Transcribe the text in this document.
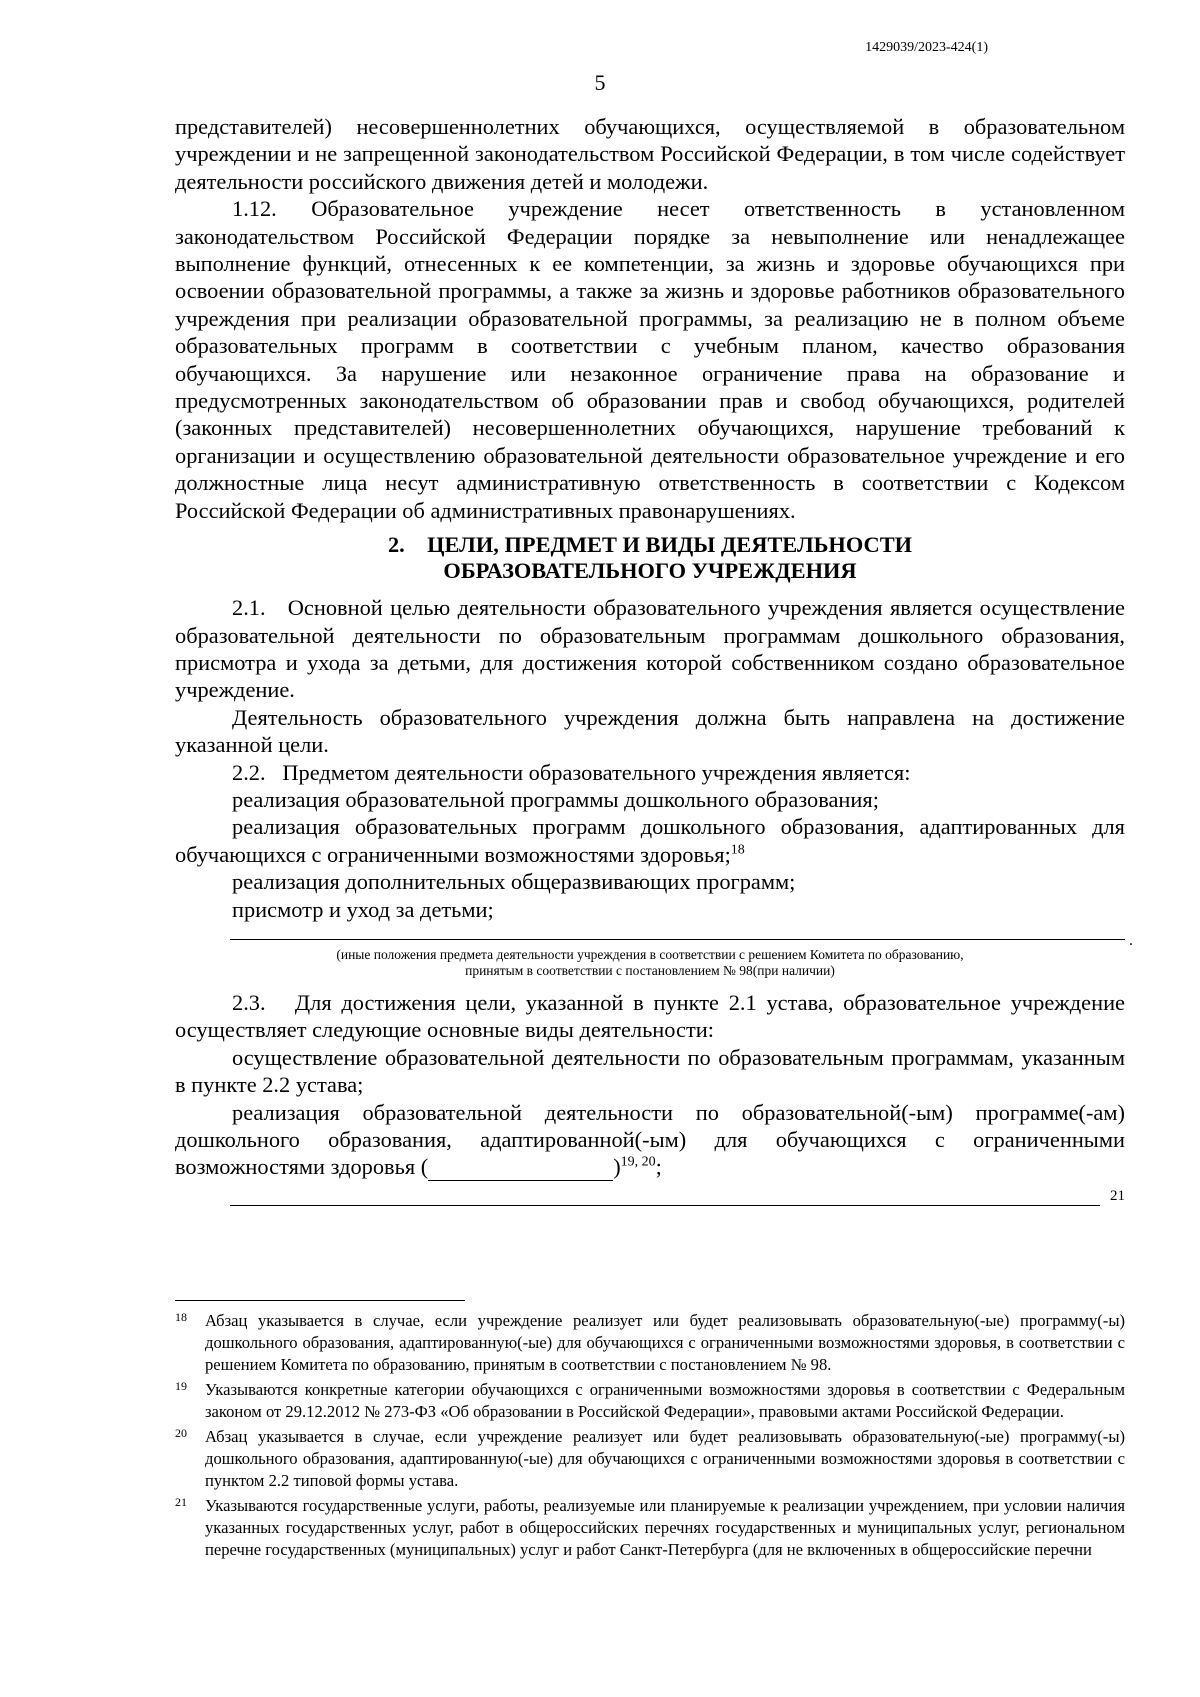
1429039/2023-424(1)
5

представителей) несовершеннолетних обучающихся, осуществляемой в образовательном учреждении и не запрещенной законодательством Российской Федерации, в том числе содействует деятельности российского движения детей и молодежи.

1.12. Образовательное учреждение несет ответственность в установленном законодательством Российской Федерации порядке за невыполнение или ненадлежащее выполнение функций, отнесенных к ее компетенции, за жизнь и здоровье обучающихся при освоении образовательной программы, а также за жизнь и здоровье работников образовательного учреждения при реализации образовательной программы, за реализацию не в полном объеме образовательных программ в соответствии с учебным планом, качество образования обучающихся. За нарушение или незаконное ограничение права на образование и предусмотренных законодательством об образовании прав и свобод обучающихся, родителей (законных представителей) несовершеннолетних обучающихся, нарушение требований к организации и осуществлению образовательной деятельности образовательное учреждение и его должностные лица несут административную ответственность в соответствии с Кодексом Российской Федерации об административных правонарушениях.

2.    ЦЕЛИ, ПРЕДМЕТ И ВИДЫ ДЕЯТЕЛЬНОСТИ
ОБРАЗОВАТЕЛЬНОГО УЧРЕЖДЕНИЯ

2.1.   Основной целью деятельности образовательного учреждения является осуществление образовательной деятельности по образовательным программам дошкольного образования, присмотра и ухода за детьми, для достижения которой собственником создано образовательное учреждение.

Деятельность образовательного учреждения должна быть направлена на достижение указанной цели.

2.2.   Предметом деятельности образовательного учреждения является:

реализация образовательной программы дошкольного образования;

реализация образовательных программ дошкольного образования, адаптированных для обучающихся с ограниченными возможностями здоровья;$^{18}$

реализация дополнительных общеразвивающих программ;

присмотр и уход за детьми;

.

(иные положения предмета деятельности учреждения в соответствии с решением Комитета по образованию,
принятым в соответствии с постановлением № 98(при наличии)

2.3.   Для достижения цели, указанной в пункте 2.1 устава, образовательное учреждение осуществляет следующие основные виды деятельности:

осуществление образовательной деятельности по образовательным программам, указанным в пункте 2.2 устава;

реализация образовательной деятельности по образовательной(-ым) программе(-ам) дошкольного образования, адаптированной(-ым) для обучающихся с ограниченными возможностями здоровья (	)$^{19, 20}$;

21
18 Абзац указывается в случае, если учреждение реализует или будет реализовывать образовательную(-ые) программу(-ы) дошкольного образования, адаптированную(-ые) для обучающихся с ограниченными возможностями здоровья, в соответствии с решением Комитета по образованию, принятым в соответствии с постановлением № 98.
19 Указываются конкретные категории обучающихся с ограниченными возможностями здоровья в соответствии с Федеральным законом от 29.12.2012 № 273-ФЗ «Об образовании в Российской Федерации», правовыми актами Российской Федерации.
20 Абзац указывается в случае, если учреждение реализует или будет реализовывать образовательную(-ые) программу(-ы) дошкольного образования, адаптированную(-ые) для обучающихся с ограниченными возможностями здоровья в соответствии с пунктом 2.2 типовой формы устава.
21 Указываются государственные услуги, работы, реализуемые или планируемые к реализации учреждением, при условии наличия указанных государственных услуг, работ в общероссийских перечнях государственных и муниципальных услуг, региональном перечне государственных (муниципальных) услуг и работ Санкт-Петербурга (для не включенных в общероссийские перечни
